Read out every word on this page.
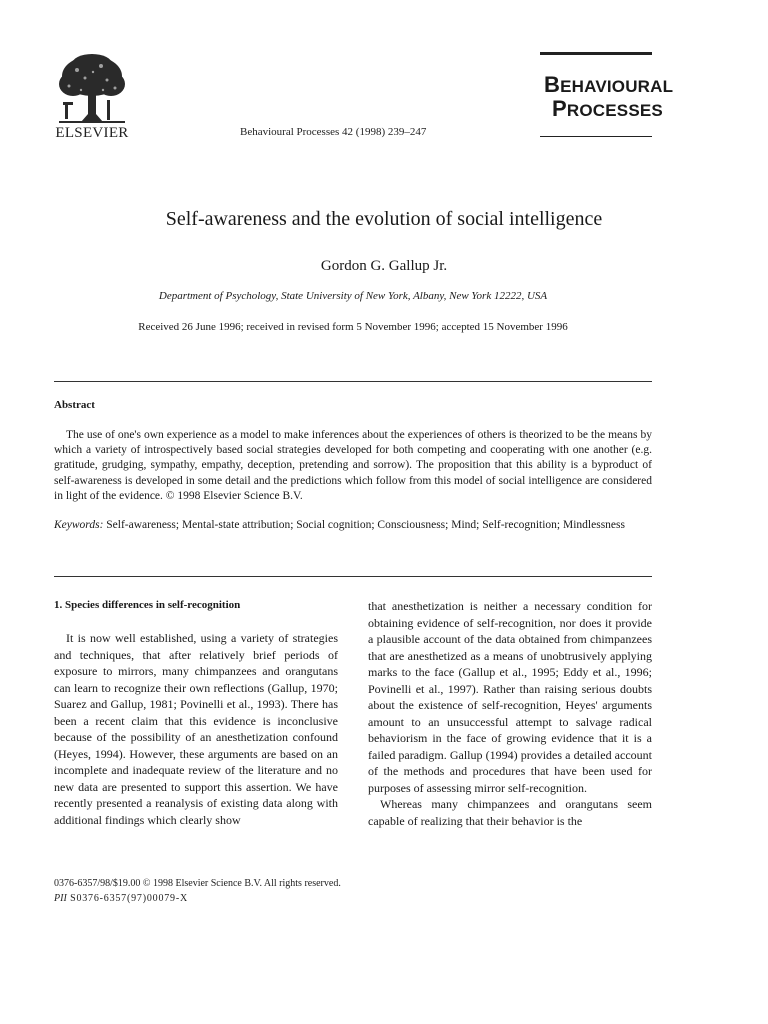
ELSEVIER	Behavioural Processes 42 (1998) 239–247
BEHAVIOURAL
PROCESSES
Self-awareness and the evolution of social intelligence
Gordon G. Gallup Jr.
Department of Psychology, State University of New York, Albany, New York 12222, USA
Received 26 June 1996; received in revised form 5 November 1996; accepted 15 November 1996
Abstract

The use of one's own experience as a model to make inferences about the experiences of others is theorized to be the means by which a variety of introspectively based social strategies developed for both competing and cooperating with one another (e.g. gratitude, grudging, sympathy, empathy, deception, pretending and sorrow). The proposition that this ability is a byproduct of self-awareness is developed in some detail and the predictions which follow from this model of social intelligence are considered in light of the evidence. © 1998 Elsevier Science B.V.

Keywords: Self-awareness; Mental-state attribution; Social cognition; Consciousness; Mind; Self-recognition; Mindlessness

1. Species differences in self-recognition

It is now well established, using a variety of strategies and techniques, that after relatively brief periods of exposure to mirrors, many chimpanzees and orangutans can learn to recognize their own reflections (Gallup, 1970; Suarez and Gallup, 1981; Povinelli et al., 1993). There has been a recent claim that this evidence is inconclusive because of the possibility of an anesthetization confound (Heyes, 1994). However, these arguments are based on an incomplete and inadequate review of the literature and no new data are presented to support this assertion. We have recently presented a reanalysis of existing data along with additional findings which clearly show

that anesthetization is neither a necessary condition for obtaining evidence of self-recognition, nor does it provide a plausible account of the data obtained from chimpanzees that are anesthetized as a means of unobtrusively applying marks to the face (Gallup et al., 1995; Eddy et al., 1996; Povinelli et al., 1997). Rather than raising serious doubts about the existence of self-recognition, Heyes' arguments amount to an unsuccessful attempt to salvage radical behaviorism in the face of growing evidence that it is a failed paradigm. Gallup (1994) provides a detailed account of the methods and procedures that have been used for purposes of assessing mirror self-recognition.

Whereas many chimpanzees and orangutans seem capable of realizing that their behavior is the

0376-6357/98/$19.00 © 1998 Elsevier Science B.V. All rights reserved.
PII S0376-6357(97)00079-X
